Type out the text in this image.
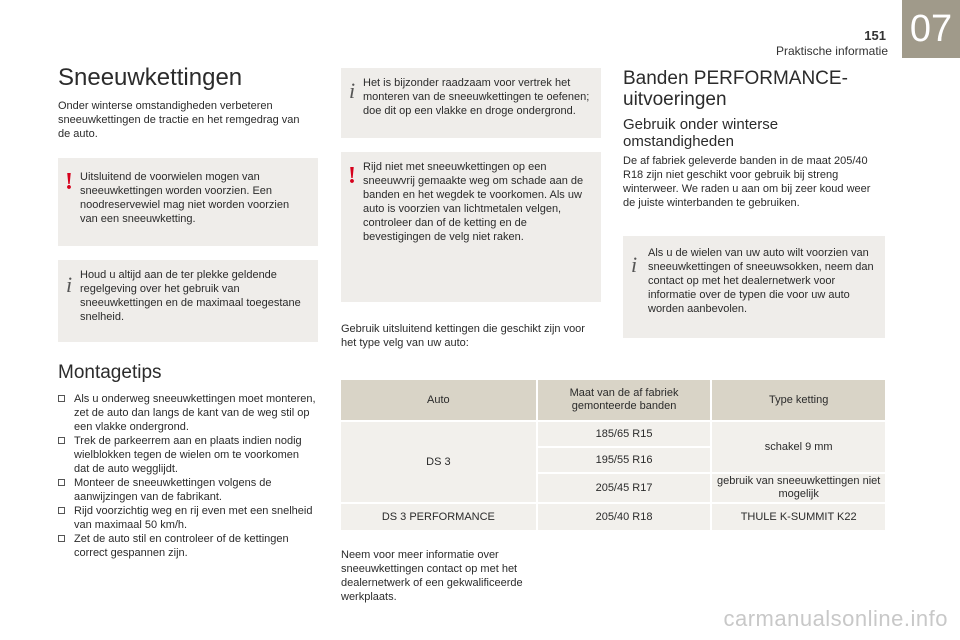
151
Praktische informatie
07
Sneeuwkettingen
Onder winterse omstandigheden verbeteren sneeuwkettingen de tractie en het remgedrag van de auto.
! Uitsluitend de voorwielen mogen van sneeuwkettingen worden voorzien. Een noodreservewiel mag niet worden voorzien van een sneeuwketting.
i Houd u altijd aan de ter plekke geldende regelgeving over het gebruik van sneeuwkettingen en de maximaal toegestane snelheid.
Montagetips
Als u onderweg sneeuwkettingen moet monteren, zet de auto dan langs de kant van de weg stil op een vlakke ondergrond.
Trek de parkeerrem aan en plaats indien nodig wielblokken tegen de wielen om te voorkomen dat de auto wegglijdt.
Monteer de sneeuwkettingen volgens de aanwijzingen van de fabrikant.
Rijd voorzichtig weg en rij even met een snelheid van maximaal 50 km/h.
Zet de auto stil en controleer of de kettingen correct gespannen zijn.
i Het is bijzonder raadzaam voor vertrek het monteren van de sneeuwkettingen te oefenen; doe dit op een vlakke en droge ondergrond.
! Rijd niet met sneeuwkettingen op een sneeuwvrij gemaakte weg om schade aan de banden en het wegdek te voorkomen. Als uw auto is voorzien van lichtmetalen velgen, controleer dan of de ketting en de bevestigingen de velg niet raken.
Gebruik uitsluitend kettingen die geschikt zijn voor het type velg van uw auto:
Auto	Maat van de af fabriek gemonteerde banden	Type ketting
DS 3	185/65 R15	schakel 9 mm
	195/55 R16	
	205/45 R17	gebruik van sneeuwkettingen niet mogelijk
DS 3 PERFORMANCE	205/40 R18	THULE K-SUMMIT K22
Neem voor meer informatie over sneeuwkettingen contact op met het dealernetwerk of een gekwalificeerde werkplaats.
Banden PERFORMANCE-uitvoeringen
Gebruik onder winterse omstandigheden
De af fabriek geleverde banden in de maat 205/40 R18 zijn niet geschikt voor gebruik bij streng winterweer. We raden u aan om bij zeer koud weer de juiste winterbanden te gebruiken.
i Als u de wielen van uw auto wilt voorzien van sneeuwkettingen of sneeuwsokken, neem dan contact op met het dealernetwerk voor informatie over de typen die voor uw auto worden aanbevolen.
carmanualsonline.info
